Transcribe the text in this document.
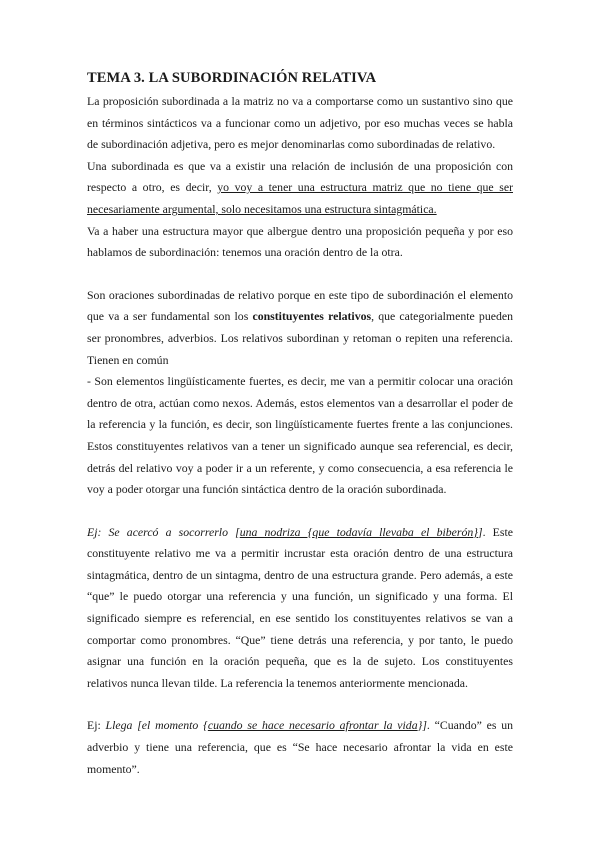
TEMA 3. LA SUBORDINACIÓN RELATIVA

La proposición subordinada a la matriz no va a comportarse como un sustantivo sino que en términos sintácticos va a funcionar como un adjetivo, por eso muchas veces se habla de subordinación adjetiva, pero es mejor denominarlas como subordinadas de relativo.

Una subordinada es que va a existir una relación de inclusión de una proposición con respecto a otro, es decir, yo voy a tener una estructura matriz que no tiene que ser necesariamente argumental, solo necesitamos una estructura sintagmática.

Va a haber una estructura mayor que albergue dentro una proposición pequeña y por eso hablamos de subordinación: tenemos una oración dentro de la otra.

Son oraciones subordinadas de relativo porque en este tipo de subordinación el elemento que va a ser fundamental son los constituyentes relativos, que categorialmente pueden ser pronombres, adverbios. Los relativos subordinan y retoman o repiten una referencia. Tienen en común

- Son elementos lingüísticamente fuertes, es decir, me van a permitir colocar una oración dentro de otra, actúan como nexos. Además, estos elementos van a desarrollar el poder de la referencia y la función, es decir, son lingüísticamente fuertes frente a las conjunciones. Estos constituyentes relativos van a tener un significado aunque sea referencial, es decir, detrás del relativo voy a poder ir a un referente, y como consecuencia, a esa referencia le voy a poder otorgar una función sintáctica dentro de la oración subordinada.

Ej: Se acercó a socorrerlo [una nodriza {que todavía llevaba el biberón}]. Este constituyente relativo me va a permitir incrustar esta oración dentro de una estructura sintagmática, dentro de un sintagma, dentro de una estructura grande. Pero además, a este “que” le puedo otorgar una referencia y una función, un significado y una forma. El significado siempre es referencial, en ese sentido los constituyentes relativos se van a comportar como pronombres. “Que” tiene detrás una referencia, y por tanto, le puedo asignar una función en la oración pequeña, que es la de sujeto. Los constituyentes relativos nunca llevan tilde. La referencia la tenemos anteriormente mencionada.

Ej: Llega [el momento {cuando se hace necesario afrontar la vida}]. “Cuando” es un adverbio y tiene una referencia, que es “Se hace necesario afrontar la vida en este momento”.
